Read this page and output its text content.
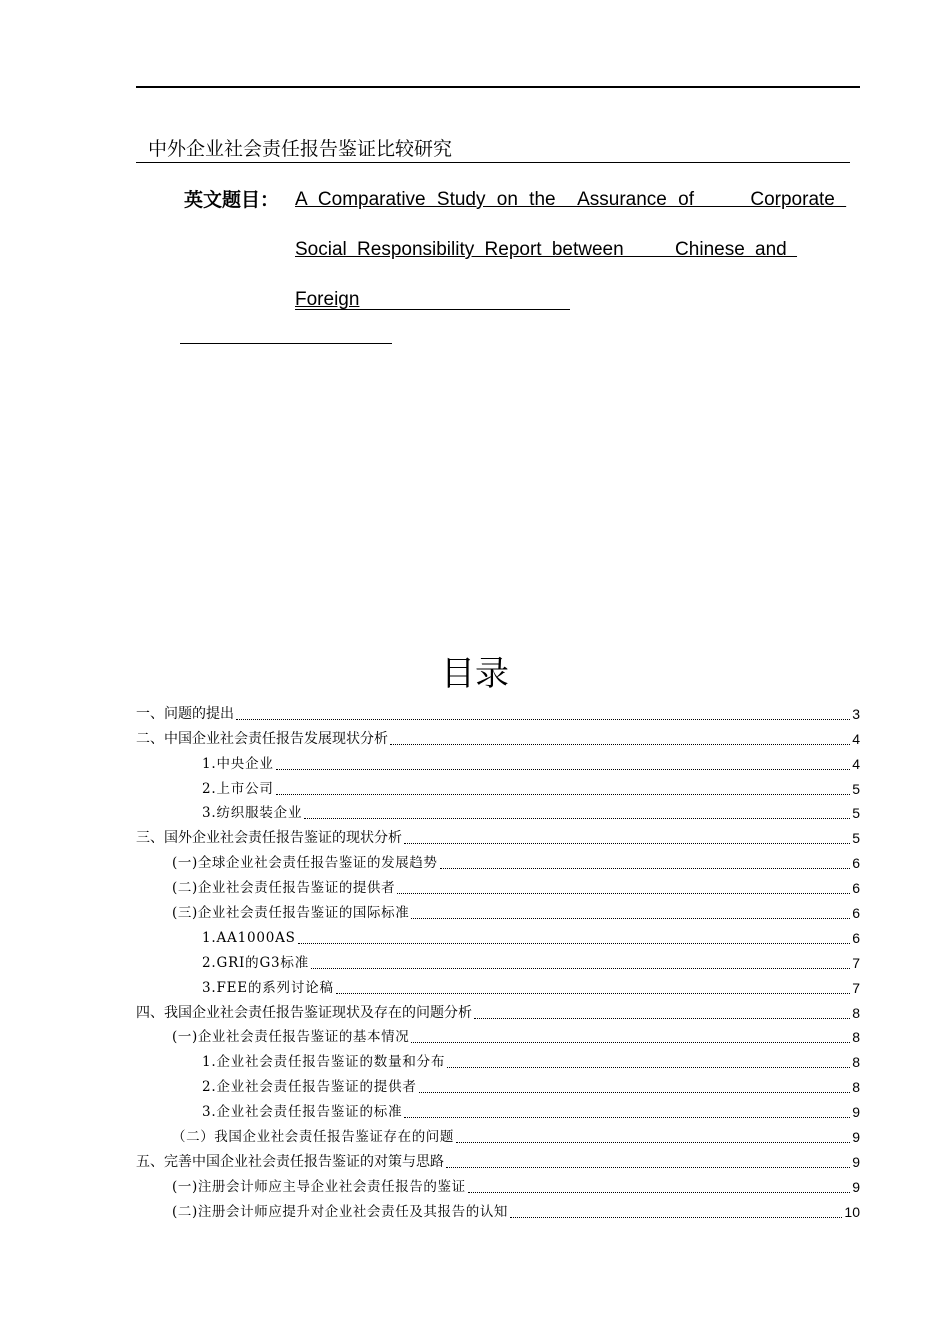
中外企业社会责任报告鉴证比较研究
英文题目： A Comparative Study on the  Assurance of     Corporate
Social Responsibility Report between     Chinese and
Foreign
目录
一、问题的提出	3
二、中国企业社会责任报告发展现状分析	4
1.中央企业	4
2.上市公司	5
3.纺织服装企业	5
三、国外企业社会责任报告鉴证的现状分析	5
(一)全球企业社会责任报告鉴证的发展趋势	6
(二)企业社会责任报告鉴证的提供者	6
(三)企业社会责任报告鉴证的国际标准	6
1.AA1000AS	6
2.GRI的G3标准	7
3.FEE的系列讨论稿	7
四、我国企业社会责任报告鉴证现状及存在的问题分析	8
(一)企业社会责任报告鉴证的基本情况	8
1.企业社会责任报告鉴证的数量和分布	8
2.企业社会责任报告鉴证的提供者	8
3.企业社会责任报告鉴证的标准	9
（二）我国企业社会责任报告鉴证存在的问题	9
五、完善中国企业社会责任报告鉴证的对策与思路	9
(一)注册会计师应主导企业社会责任报告的鉴证	9
(二)注册会计师应提升对企业社会责任及其报告的认知	10
